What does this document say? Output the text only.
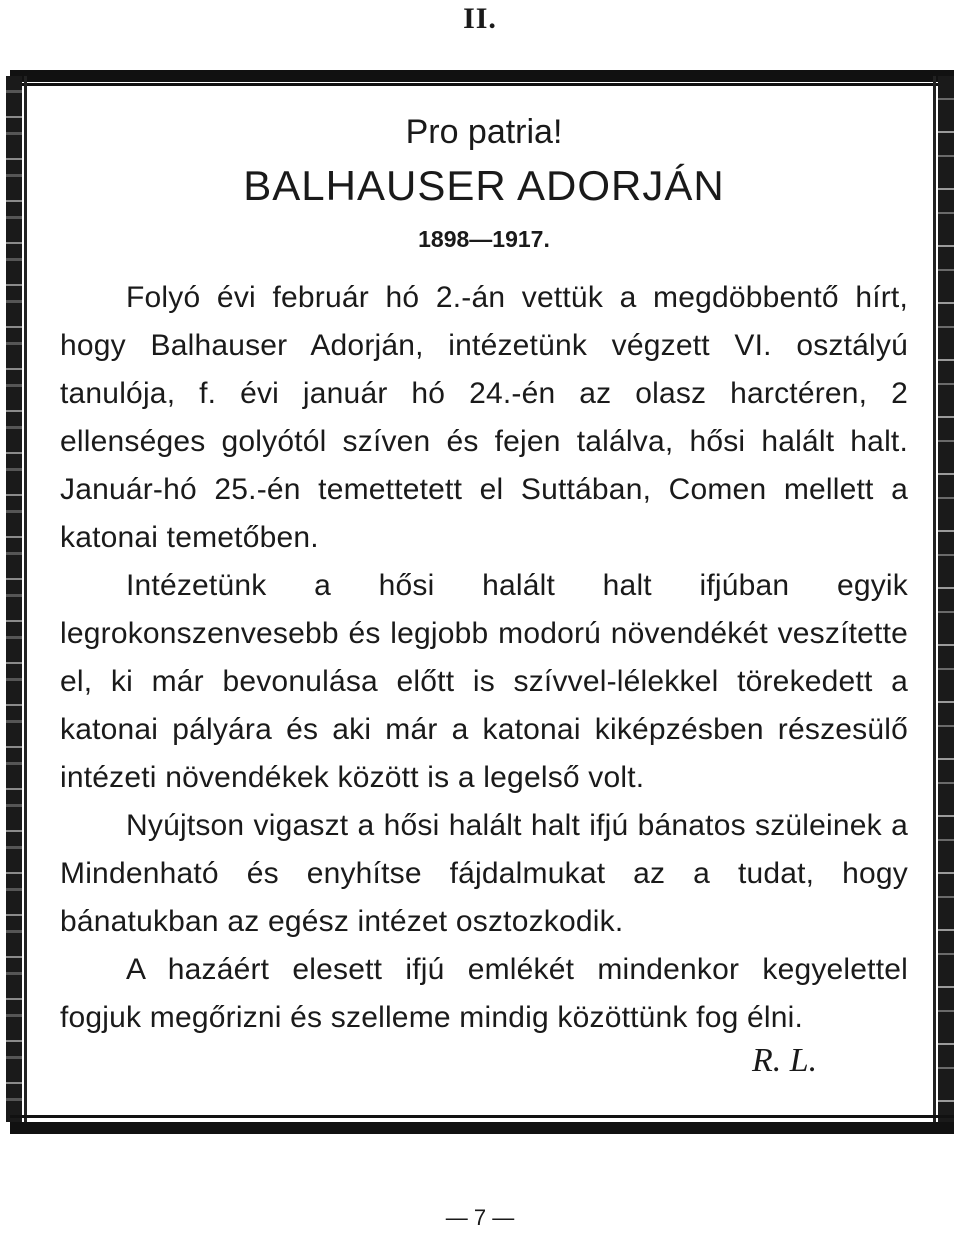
II.

Pro patria!

BALHAUSER ADORJÁN

1898—1917.

Folyó évi február hó 2.-án vettük a megdöbbentő hírt, hogy Balhauser Adorján, intézetünk végzett VI. osztályú tanulója, f. évi január hó 24.-én az olasz harctéren, 2 ellenséges golyótól szíven és fejen találva, hősi halált halt. Január-hó 25.-én temettetett el Suttában, Comen mellett a katonai temetőben.

Intézetünk a hősi halált halt ifjúban egyik legrokonszenvesebb és legjobb modorú növendékét veszítette el, ki már bevonulása előtt is szívvel-lélekkel törekedett a katonai pályára és aki már a katonai kiképzésben részesülő intézeti növendékek között is a legelső volt.

Nyújtson vigaszt a hősi halált halt ifjú bánatos szüleinek a Mindenható és enyhítse fájdalmukat az a tudat, hogy bánatukban az egész intézet osztozkodik.

A hazáért elesett ifjú emlékét mindenkor kegyelettel fogjuk megőrizni és szelleme mindig közöttünk fog élni.

R. L.
— 7 —
